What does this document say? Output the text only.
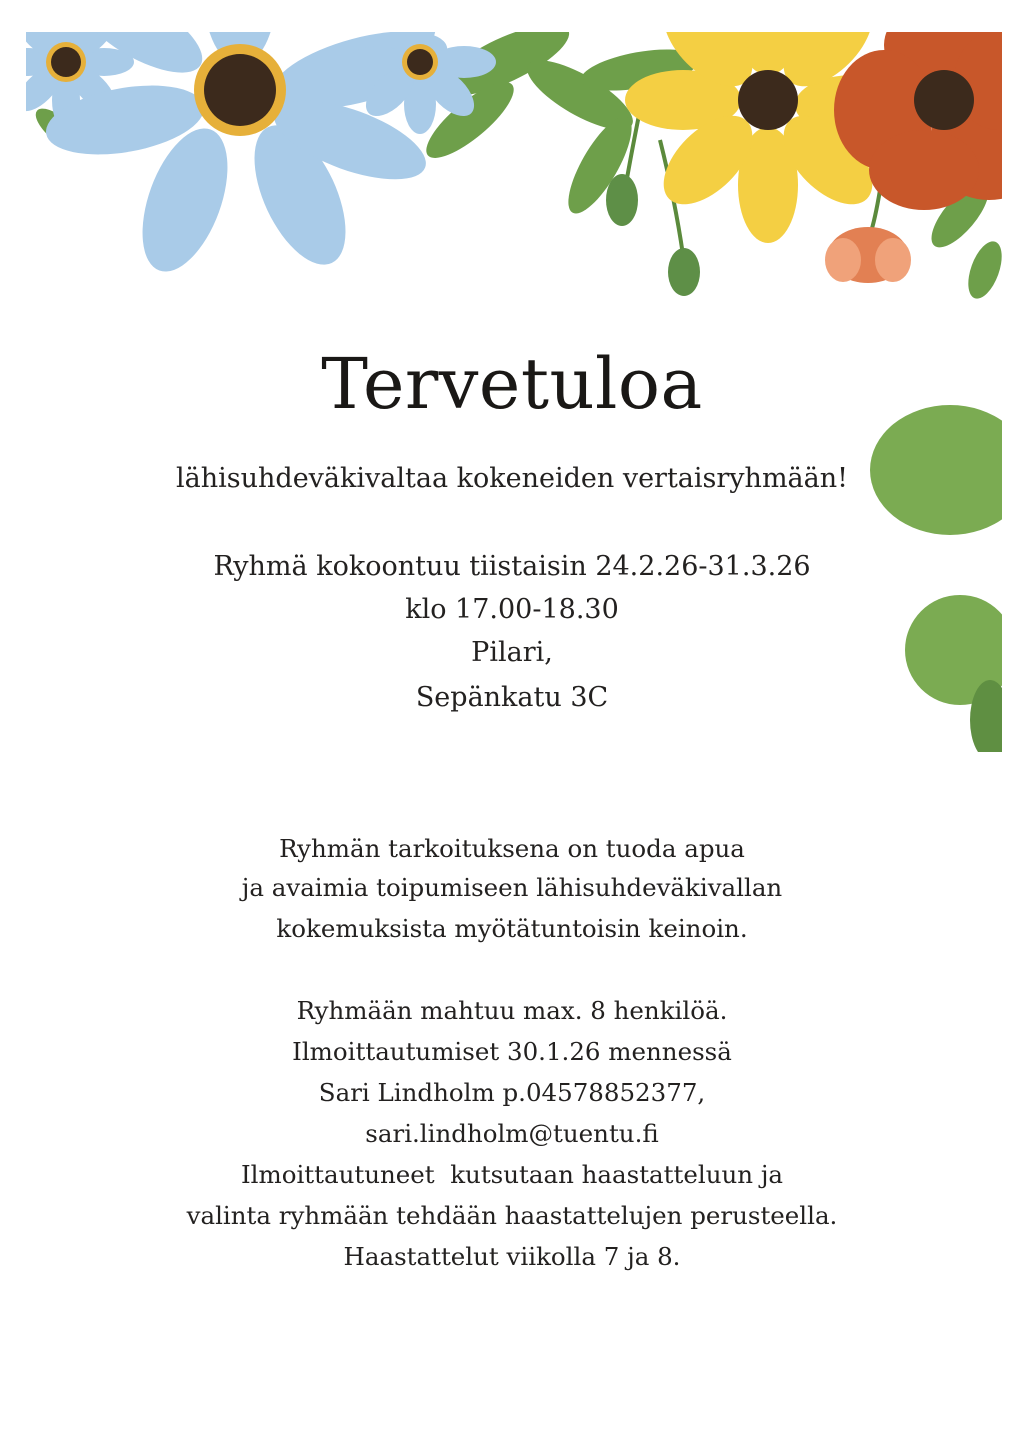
Tervetuloa
lähisuhdeväkivaltaa kokeneiden vertaisryhmään!
Ryhmä kokoontuu tiistaisin 24.2.26-31.3.26
klo 17.00-18.30
Pilari,
Sepänkatu 3C
Ryhmän tarkoituksena on tuoda apua
ja avaimia toipumiseen lähisuhdeväkivallan
kokemuksista myötätuntoisin keinoin.
Ryhmään mahtuu max. 8 henkilöä.
Ilmoittautumiset 30.1.26 mennessä
Sari Lindholm p.04578852377,
sari.lindholm@tuentu.fi
Ilmoittautuneet  kutsutaan haastatteluun ja
valinta ryhmään tehdään haastattelujen perusteella.
Haastattelut viikolla 7 ja 8.
